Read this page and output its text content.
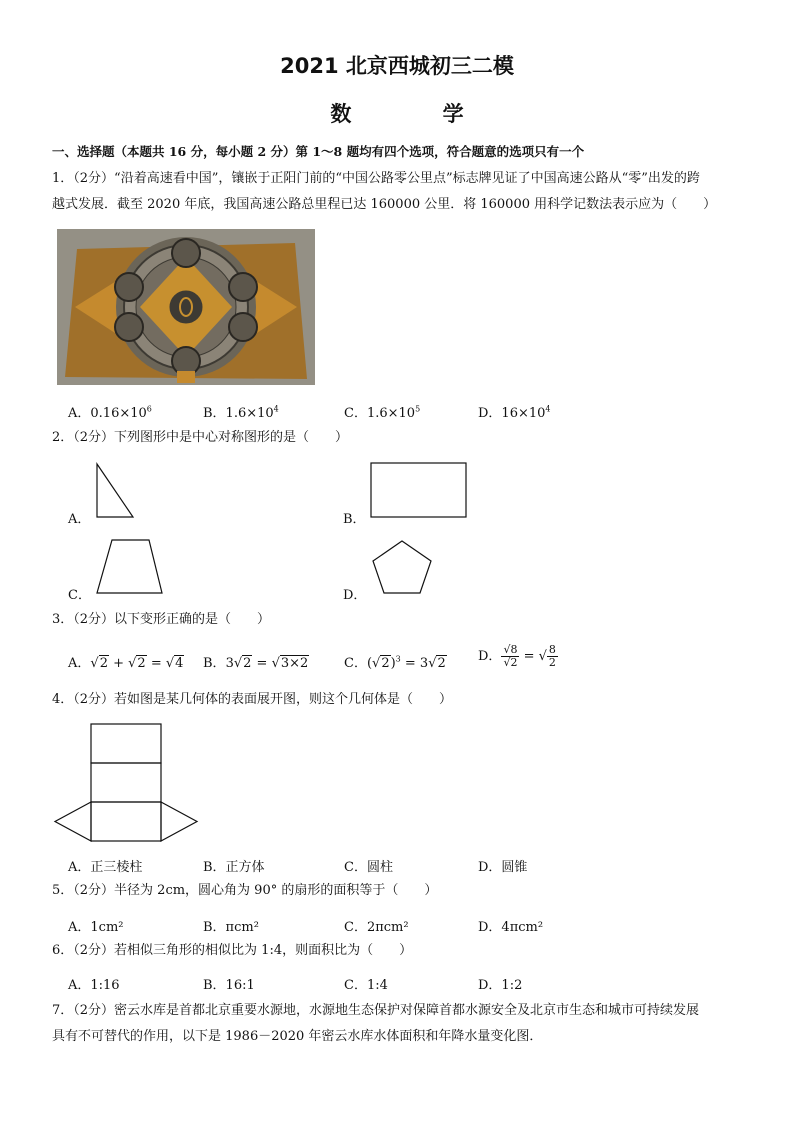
2021 北京西城初三二模
数 学
一、选择题（本题共 16 分，每小题 2 分）第 1～8 题均有四个选项，符合题意的选项只有一个
1．（2分）“沿着高速看中国”，镶嵌于正阳门前的“中国公路零公里点”标志牌见证了中国高速公路从“零”出发的跨
越式发展．截至 2020 年底，我国高速公路总里程已达 160000 公里．将 160000 用科学记数法表示应为（　　）
A．$0.16\times 10^6$	B．$1.6\times 10^4$	C．$1.6\times 10^5$	D．$16\times 10^4$
2．（2分）下列图形中是中心对称图形的是（　　）
A．	B．
C．	D．
3．（2分）以下变形正确的是（　　）
A．√2 + √2 = √4 B．3√2 = √3×2	C．$(√2)^3 = 3√2$ D． $\frac{√8}{√2}$ = √ $\frac{8}{2}$
4．（2分）若如图是某几何体的表面展开图，则这个几何体是（　　）
A．正三棱柱	B．正方体	C．圆柱	D．圆锥
5．（2分）半径为 2cm，圆心角为 90° 的扇形的面积等于（　　）
A．1cm²	B．πcm²	C．2πcm²	D．4πcm²
6．（2分）若相似三角形的相似比为 1:4，则面积比为（　　）
A．1:16	B．16:1	C．1:4	D．1:2
7．（2分）密云水库是首都北京重要水源地，水源地生态保护对保障首都水源安全及北京市生态和城市可持续发展
具有不可替代的作用，以下是 1986－2020 年密云水库水体面积和年降水量变化图．
